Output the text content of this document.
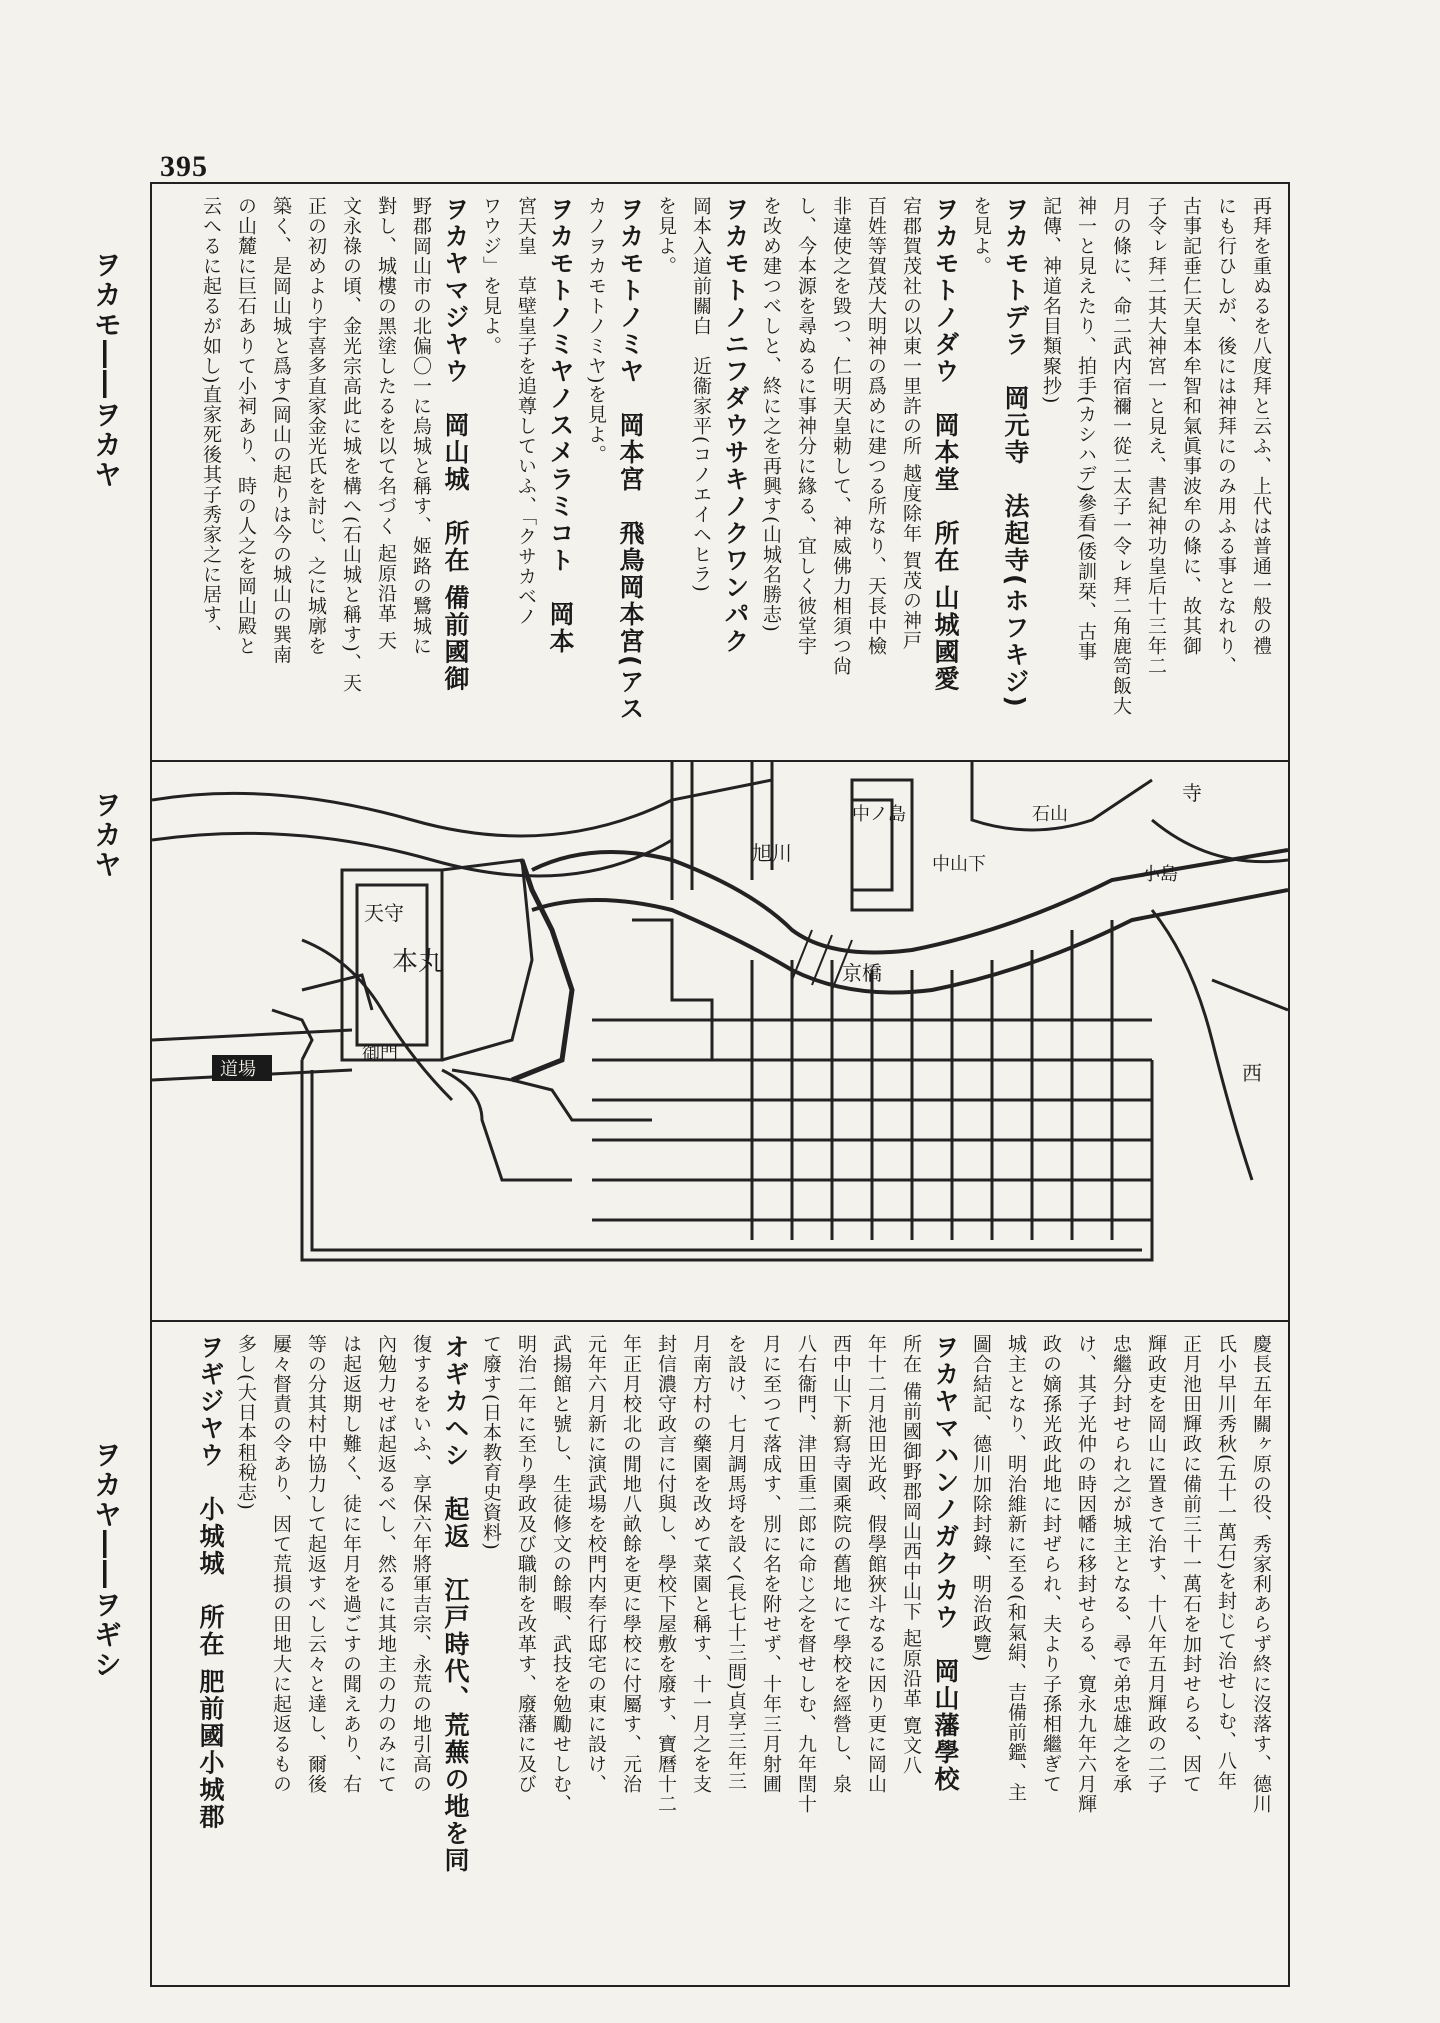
395
ヲカモ――ヲカヤ
ヲカヤ
ヲカヤ――ヲギシ

再拜を重ぬるを八度拜と云ふ、上代は普通一般の禮

にも行ひしが、後には神拜にのみ用ふる事となれり、

古事記垂仁天皇本牟智和氣眞事波牟の條に、故其御

子令ㇾ拜二其大神宮一と見え、書紀神功皇后十三年二

月の條に、命二武内宿禰一從二太子一令ㇾ拜二角鹿笥飯大

神一と見えたり、拍手(カシハデ)參看(倭訓栞、古事

記傳、神道名目類聚抄)

ヲカモトデラ　岡元寺　法起寺(ホフキジ)

を見よ。

ヲカモトノダウ　岡本堂　所在 山城國愛

宕郡賀茂社の以東一里許の所 越度除年 賀茂の神戸

百姓等賀茂大明神の爲めに建つる所なり、天長中檢

非違使之を毀つ、仁明天皇勅して、神威佛力相須つ尙

し、今本源を尋ぬるに事神分に緣る、宜しく彼堂宇

を改め建つべしと、終に之を再興す(山城名勝志)

ヲカモトノニフダウサキノクワンパク

岡本入道前關白　近衞家平(コノエイヘヒラ)

を見よ。

ヲカモトノミヤ　岡本宮　飛鳥岡本宮(アス

カノヲカモトノミヤ)を見よ。

ヲカモトノミヤノスメラミコト　岡本

宮天皇　草壁皇子を追尊していふ、「クサカベノ

ワウジ」を見よ。

ヲカヤマジヤウ　岡山城　所在 備前國御

野郡岡山市の北偏〇一に烏城と稱す、姬路の鷺城に

對し、城樓の黑塗したるを以て名づく 起原沿革 天

文永祿の頃、金光宗高此に城を構へ(石山城と稱す)、天

正の初めより宇喜多直家金光氏を討じ、之に城廓を

築く、是岡山城と爲す(岡山の起りは今の城山の巽南

の山麓に巨石ありて小祠あり、時の人之を岡山殿と

云へるに起るが如し)直家死後其子秀家之に居す、

天守
本丸
旭川
京橋
寺
中山下
石山
小島
中ノ島
御門
道場	西

慶長五年關ヶ原の役、秀家利あらず終に沒落す、德川

氏小早川秀秋(五十一萬石)を封じて治せしむ、八年

正月池田輝政に備前三十一萬石を加封せらる、因て

輝政吏を岡山に置きて治す、十八年五月輝政の二子

忠繼分封せられ之が城主となる、尋で弟忠雄之を承

け、其子光仲の時因幡に移封せらる、寛永九年六月輝

政の嫡孫光政此地に封ぜられ、夫より子孫相繼ぎて

城主となり、明治維新に至る(和氣絹、吉備前鑑、主

圖合結記、德川加除封錄、明治政覽)

ヲカヤマハンノガクカウ　岡山藩學校

所在 備前國御野郡岡山西中山下 起原沿革 寛文八

年十二月池田光政、假學館狹斗なるに因り更に岡山

西中山下新寫寺園乘院の舊地にて學校を經營し、泉

八右衞門、津田重二郎に命じ之を督せしむ、九年閏十

月に至つて落成す、別に名を附せず、十年三月射圃

を設け、七月調馬埒を設く(長七十三間)貞享三年三

月南方村の藥園を改めて菜園と稱す、十一月之を支

封信濃守政言に付與し、學校下屋敷を廢す、寶曆十二

年正月校北の閒地八畝餘を更に學校に付屬す、元治

元年六月新に演武場を校門内奉行邸宅の東に設け、

武揚館と號し、生徒修文の餘暇、武技を勉勵せしむ、

明治二年に至り學政及び職制を改革す、廢藩に及び

て廢す(日本教育史資料)

オギカヘシ　起返　江戸時代、荒蕪の地を同

復するをいふ、享保六年將軍吉宗、永荒の地引高の

內勉力せば起返るべし、然るに其地主の力のみにて

は起返期し難く、徒に年月を過ごすの聞えあり、右

等の分其村中協力して起返すべし云々と達し、爾後

屢々督責の令あり、因て荒損の田地大に起返るもの

多し(大日本租稅志)

ヲギジヤウ　小城城　所在 肥前國小城郡
